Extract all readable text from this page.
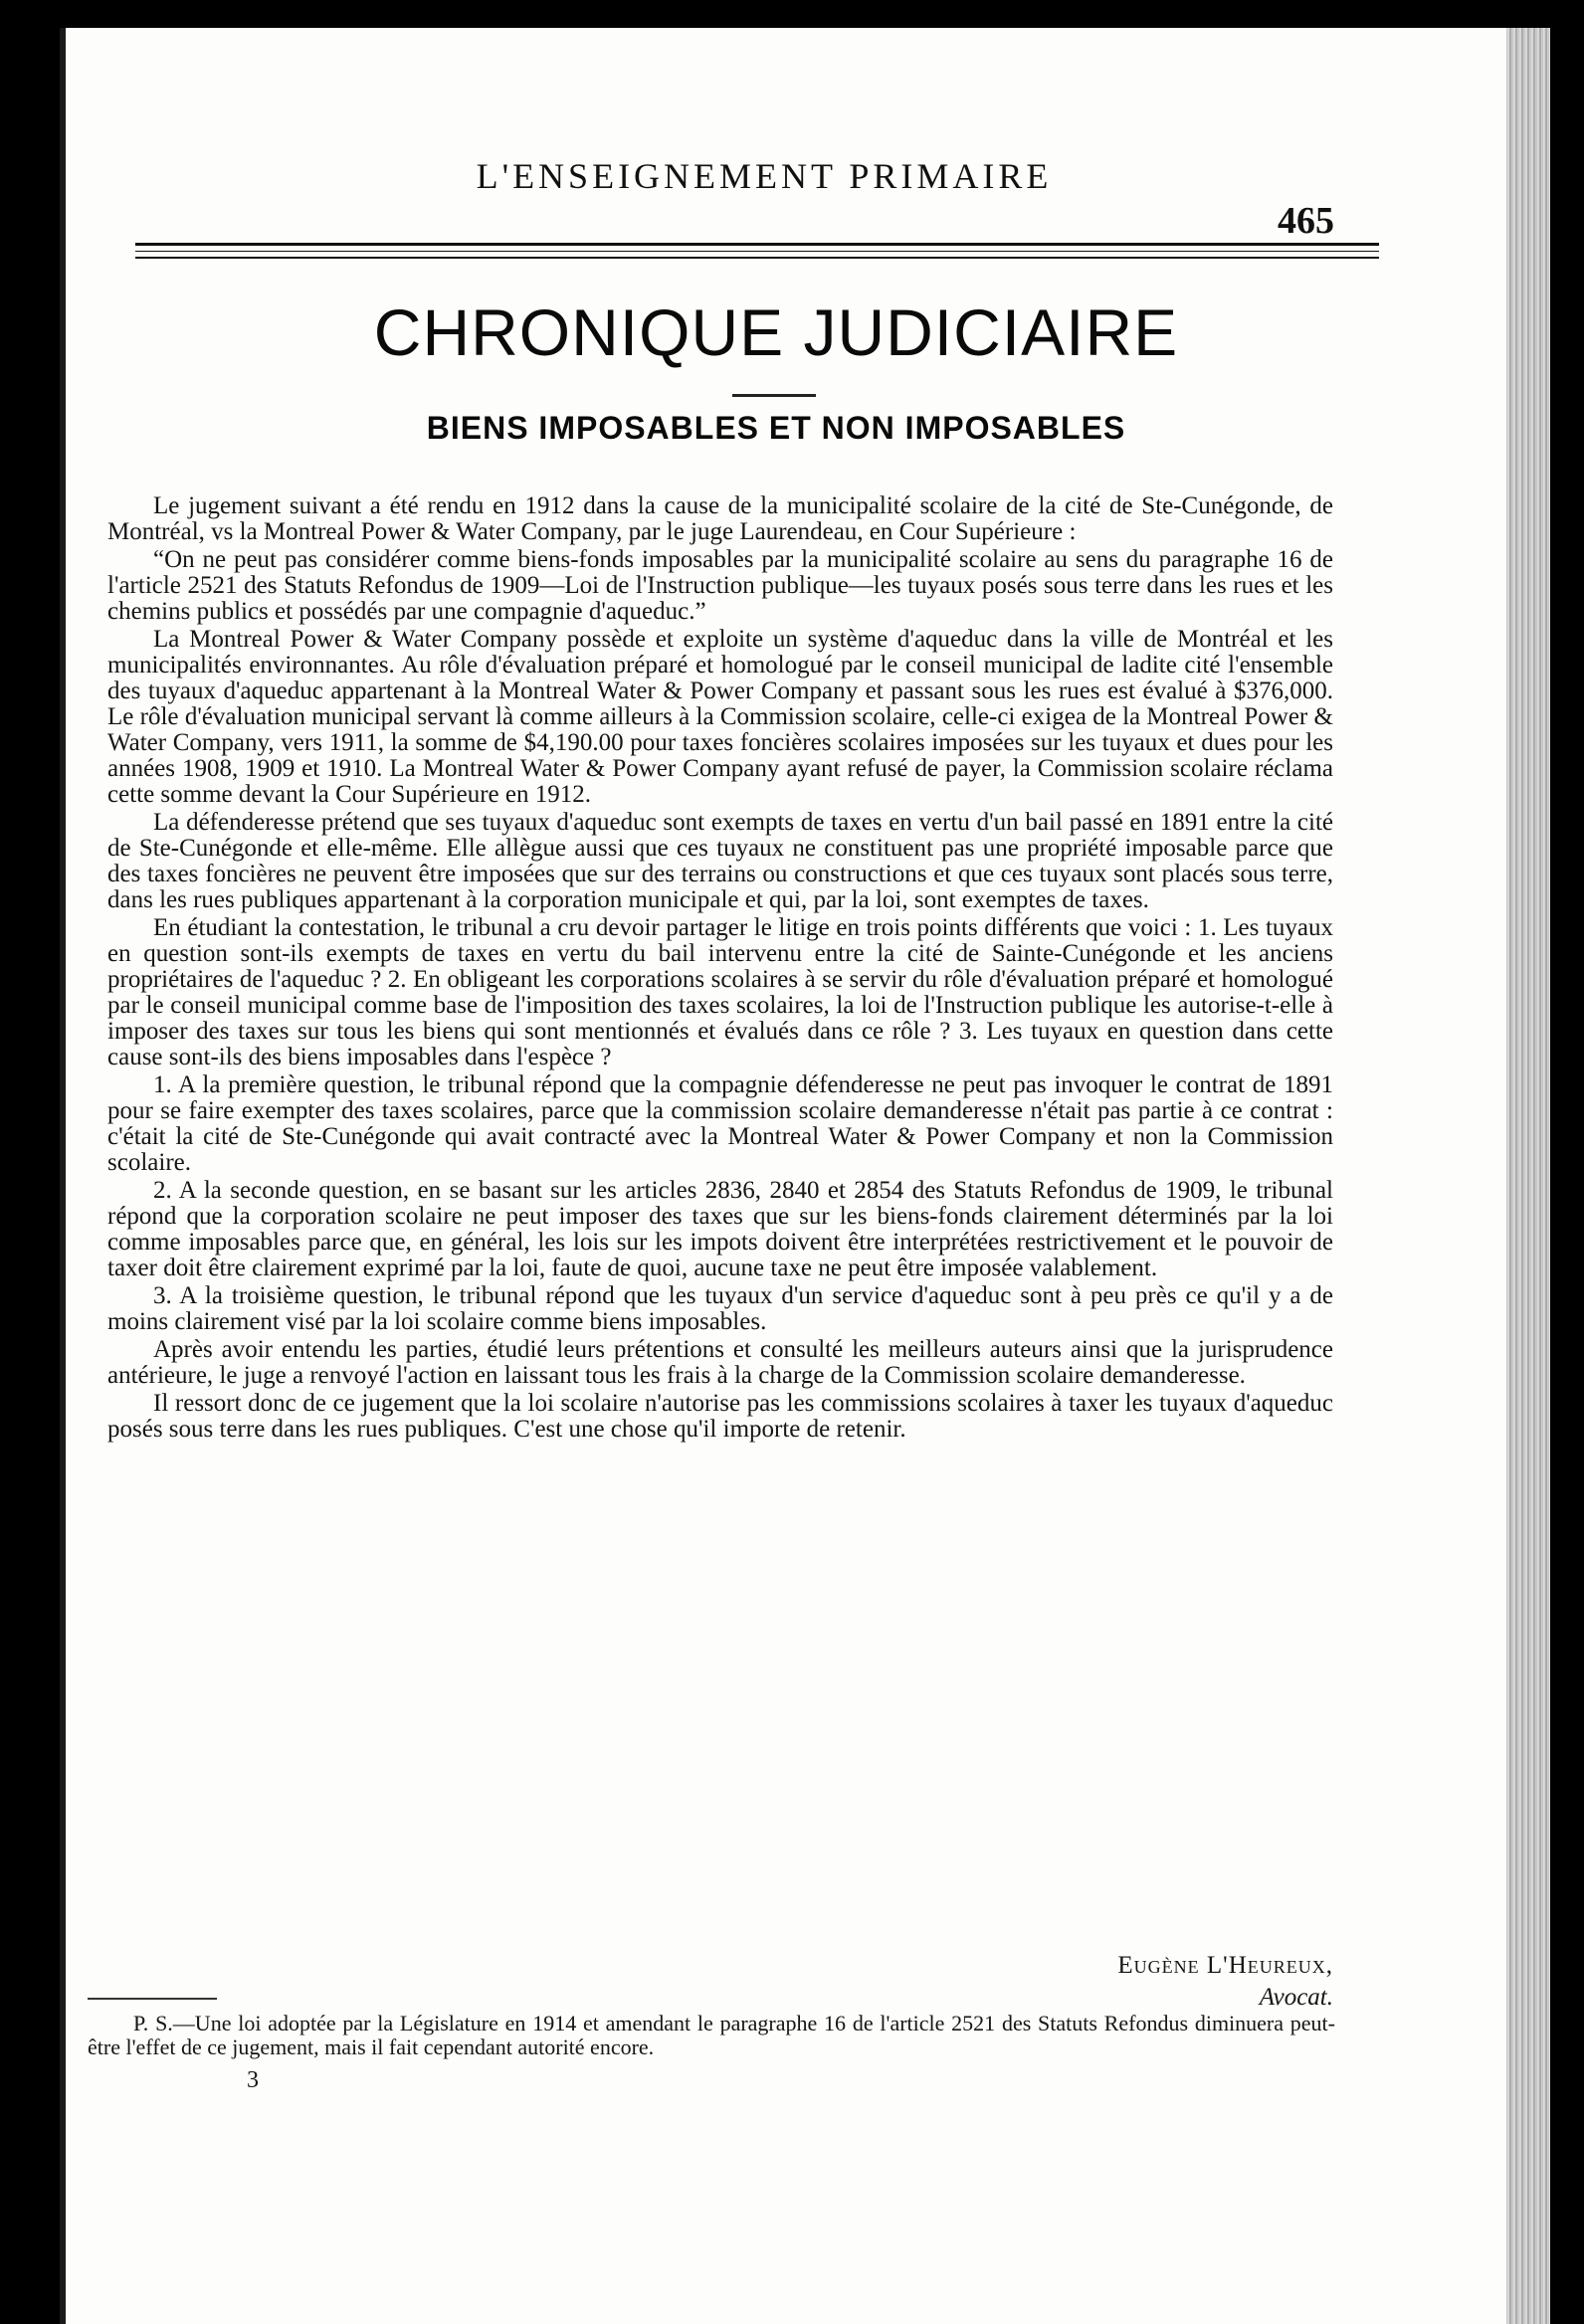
L'ENSEIGNEMENT PRIMAIRE
465
CHRONIQUE JUDICIAIRE
BIENS IMPOSABLES ET NON IMPOSABLES

Le jugement suivant a été rendu en 1912 dans la cause de la municipalité scolaire de la cité de Ste-Cunégonde, de Montréal, vs la Montreal Power & Water Company, par le juge Laurendeau, en Cour Supérieure :

“On ne peut pas considérer comme biens-fonds imposables par la municipalité scolaire au sens du paragraphe 16 de l'article 2521 des Statuts Refondus de 1909—Loi de l'Instruction publique—les tuyaux posés sous terre dans les rues et les chemins publics et possédés par une compagnie d'aqueduc.”

La Montreal Power & Water Company possède et exploite un système d'aqueduc dans la ville de Montréal et les municipalités environnantes. Au rôle d'évaluation préparé et homologué par le conseil municipal de ladite cité l'ensemble des tuyaux d'aqueduc appartenant à la Montreal Water & Power Company et passant sous les rues est évalué à $376,000. Le rôle d'évaluation municipal servant là comme ailleurs à la Commission scolaire, celle-ci exigea de la Montreal Power & Water Company, vers 1911, la somme de $4,190.00 pour taxes foncières scolaires imposées sur les tuyaux et dues pour les années 1908, 1909 et 1910. La Montreal Water & Power Company ayant refusé de payer, la Commission scolaire réclama cette somme devant la Cour Supérieure en 1912.

La défenderesse prétend que ses tuyaux d'aqueduc sont exempts de taxes en vertu d'un bail passé en 1891 entre la cité de Ste-Cunégonde et elle-même. Elle allègue aussi que ces tuyaux ne constituent pas une propriété imposable parce que des taxes foncières ne peuvent être imposées que sur des terrains ou constructions et que ces tuyaux sont placés sous terre, dans les rues publiques appartenant à la corporation municipale et qui, par la loi, sont exemptes de taxes.

En étudiant la contestation, le tribunal a cru devoir partager le litige en trois points différents que voici : 1. Les tuyaux en question sont-ils exempts de taxes en vertu du bail intervenu entre la cité de Sainte-Cunégonde et les anciens propriétaires de l'aqueduc ? 2. En obligeant les corporations scolaires à se servir du rôle d'évaluation préparé et homologué par le conseil municipal comme base de l'imposition des taxes scolaires, la loi de l'Instruction publique les autorise-t-elle à imposer des taxes sur tous les biens qui sont mentionnés et évalués dans ce rôle ? 3. Les tuyaux en question dans cette cause sont-ils des biens imposables dans l'espèce ?

1. A la première question, le tribunal répond que la compagnie défenderesse ne peut pas invoquer le contrat de 1891 pour se faire exempter des taxes scolaires, parce que la commission scolaire demanderesse n'était pas partie à ce contrat : c'était la cité de Ste-Cunégonde qui avait contracté avec la Montreal Water & Power Company et non la Commission scolaire.

2. A la seconde question, en se basant sur les articles 2836, 2840 et 2854 des Statuts Refondus de 1909, le tribunal répond que la corporation scolaire ne peut imposer des taxes que sur les biens-fonds clairement déterminés par la loi comme imposables parce que, en général, les lois sur les impots doivent être interprétées restrictivement et le pouvoir de taxer doit être clairement exprimé par la loi, faute de quoi, aucune taxe ne peut être imposée valablement.

3. A la troisième question, le tribunal répond que les tuyaux d'un service d'aqueduc sont à peu près ce qu'il y a de moins clairement visé par la loi scolaire comme biens imposables.

Après avoir entendu les parties, étudié leurs prétentions et consulté les meilleurs auteurs ainsi que la jurisprudence antérieure, le juge a renvoyé l'action en laissant tous les frais à la charge de la Commission scolaire demanderesse.

Il ressort donc de ce jugement que la loi scolaire n'autorise pas les commissions scolaires à taxer les tuyaux d'aqueduc posés sous terre dans les rues publiques. C'est une chose qu'il importe de retenir.

Eugène L'Heureux,
Avocat.

P. S.—Une loi adoptée par la Législature en 1914 et amendant le paragraphe 16 de l'article 2521 des Statuts Refondus diminuera peut-être l'effet de ce jugement, mais il fait cependant autorité encore.

3
